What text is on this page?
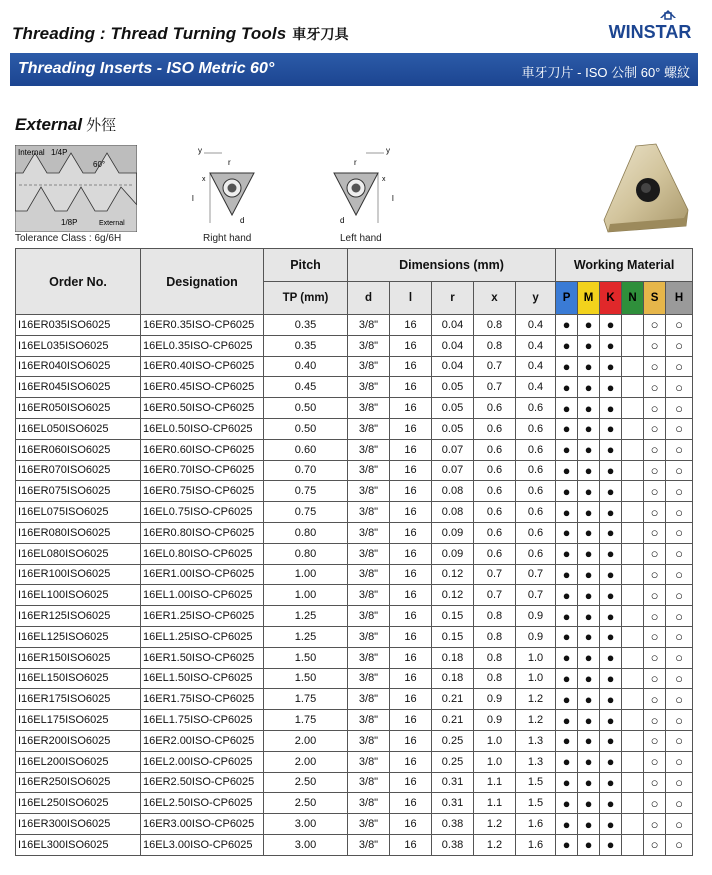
Threading : Thread Turning Tools 車牙刀具	WINSTAR
Threading Inserts - ISO Metric 60°	車牙刀片 - ISO 公制 60° 螺紋
External 外徑
Internal 1/4P
60°
1/8P	External
Tolerance Class : 6g/6H
y
r
x
l
d
Right hand
y
r
x
l
d
Left hand
Order No.	Designation	Pitch	Dimensions (mm)					Working Material					
		TP (mm)	d	l	r	x	y	P	M	K	N	S	H
I16ER035ISO6025	16ER0.35ISO-CP6025	0.35	3/8"	16	0.04	0.8	0.4	●	●	●		○	○
I16EL035ISO6025	16EL0.35ISO-CP6025	0.35	3/8"	16	0.04	0.8	0.4	●	●	●		○	○
I16ER040ISO6025	16ER0.40ISO-CP6025	0.40	3/8"	16	0.04	0.7	0.4	●	●	●		○	○
I16ER045ISO6025	16ER0.45ISO-CP6025	0.45	3/8"	16	0.05	0.7	0.4	●	●	●		○	○
I16ER050ISO6025	16ER0.50ISO-CP6025	0.50	3/8"	16	0.05	0.6	0.6	●	●	●		○	○
I16EL050ISO6025	16EL0.50ISO-CP6025	0.50	3/8"	16	0.05	0.6	0.6	●	●	●		○	○
I16ER060ISO6025	16ER0.60ISO-CP6025	0.60	3/8"	16	0.07	0.6	0.6	●	●	●		○	○
I16ER070ISO6025	16ER0.70ISO-CP6025	0.70	3/8"	16	0.07	0.6	0.6	●	●	●		○	○
I16ER075ISO6025	16ER0.75ISO-CP6025	0.75	3/8"	16	0.08	0.6	0.6	●	●	●		○	○
I16EL075ISO6025	16EL0.75ISO-CP6025	0.75	3/8"	16	0.08	0.6	0.6	●	●	●		○	○
I16ER080ISO6025	16ER0.80ISO-CP6025	0.80	3/8"	16	0.09	0.6	0.6	●	●	●		○	○
I16EL080ISO6025	16EL0.80ISO-CP6025	0.80	3/8"	16	0.09	0.6	0.6	●	●	●		○	○
I16ER100ISO6025	16ER1.00ISO-CP6025	1.00	3/8"	16	0.12	0.7	0.7	●	●	●		○	○
I16EL100ISO6025	16EL1.00ISO-CP6025	1.00	3/8"	16	0.12	0.7	0.7	●	●	●		○	○
I16ER125ISO6025	16ER1.25ISO-CP6025	1.25	3/8"	16	0.15	0.8	0.9	●	●	●		○	○
I16EL125ISO6025	16EL1.25ISO-CP6025	1.25	3/8"	16	0.15	0.8	0.9	●	●	●		○	○
I16ER150ISO6025	16ER1.50ISO-CP6025	1.50	3/8"	16	0.18	0.8	1.0	●	●	●		○	○
I16EL150ISO6025	16EL1.50ISO-CP6025	1.50	3/8"	16	0.18	0.8	1.0	●	●	●		○	○
I16ER175ISO6025	16ER1.75ISO-CP6025	1.75	3/8"	16	0.21	0.9	1.2	●	●	●		○	○
I16EL175ISO6025	16EL1.75ISO-CP6025	1.75	3/8"	16	0.21	0.9	1.2	●	●	●		○	○
I16ER200ISO6025	16ER2.00ISO-CP6025	2.00	3/8"	16	0.25	1.0	1.3	●	●	●		○	○
I16EL200ISO6025	16EL2.00ISO-CP6025	2.00	3/8"	16	0.25	1.0	1.3	●	●	●		○	○
I16ER250ISO6025	16ER2.50ISO-CP6025	2.50	3/8"	16	0.31	1.1	1.5	●	●	●		○	○
I16EL250ISO6025	16EL2.50ISO-CP6025	2.50	3/8"	16	0.31	1.1	1.5	●	●	●		○	○
I16ER300ISO6025	16ER3.00ISO-CP6025	3.00	3/8"	16	0.38	1.2	1.6	●	●	●		○	○
I16EL300ISO6025	16EL3.00ISO-CP6025	3.00	3/8"	16	0.38	1.2	1.6	●	●	●		○	○
